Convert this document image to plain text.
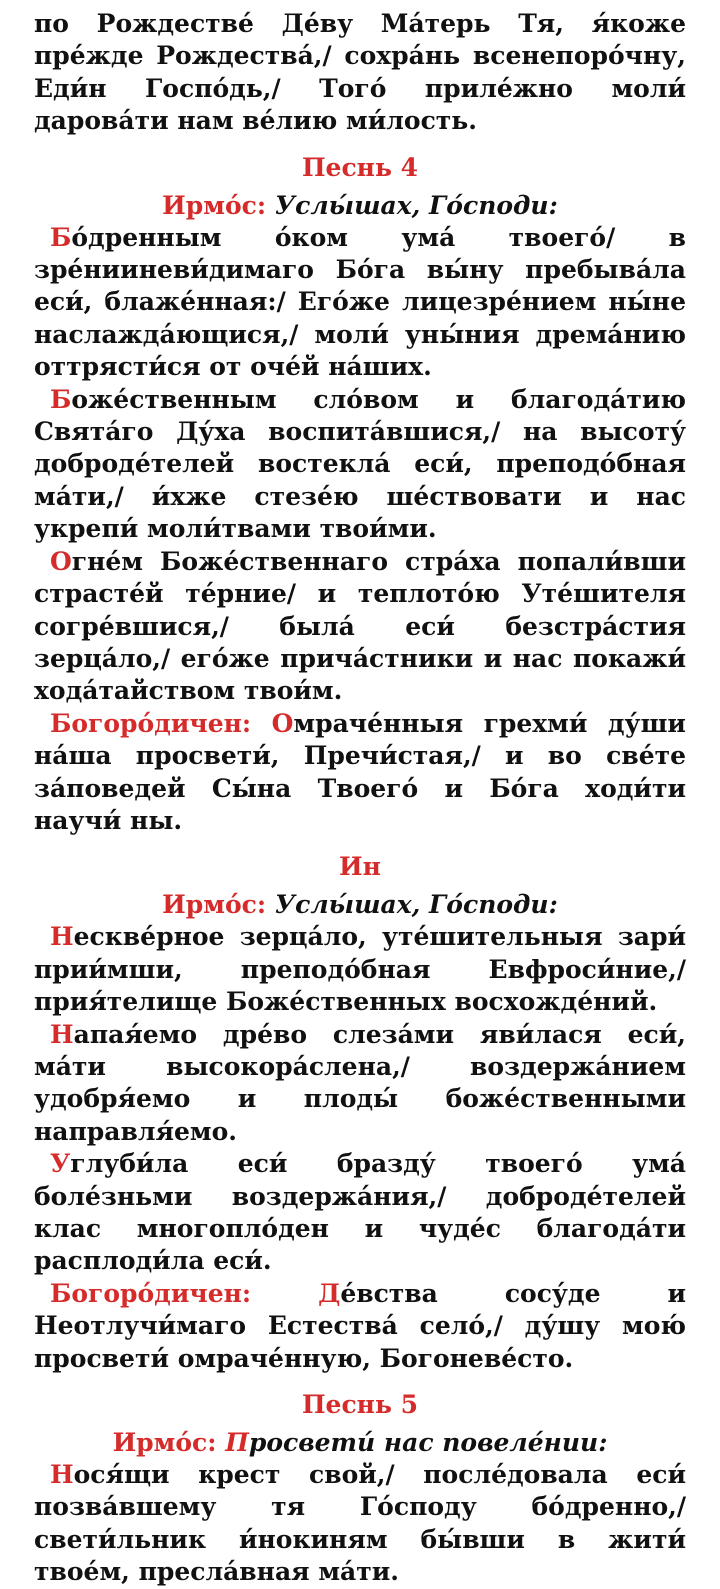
по Рождестве́ Де́ву Ма́терь Тя, я́коже пре́жде Рождества́,/ сохра́нь всенепоро́чну, Еди́н Госпо́дь,/ Того́ приле́жно моли́ дарова́ти нам ве́лию ми́лость.

Песнь 4

Ирмо́с: Услы́шах, Го́споди:

Бо́дренным о́ком ума́ твоего́/ в зре́нииневи́димаго Бо́га вы́ну пребыва́ла еси́, блаже́нная:/ Его́же лицезре́нием ны́не наслажда́ющися,/ моли́ уны́ния дрема́нию оттрясти́ся от оче́й на́ших.

Боже́ственным сло́вом и благода́тию Свята́го Ду́ха воспита́вшися,/ на высоту́ доброде́телей востекла́ еси́, преподо́бная ма́ти,/ и́хже стезе́ю ше́ствовати и нас укрепи́ моли́твами твои́ми.

Огне́м Боже́ственнаго стра́ха попали́вши страсте́й те́рние/ и теплото́ю Уте́шителя согре́вшися,/ была́ еси́ безстра́стия зерца́ло,/ его́же прича́стники и нас покажи́ хода́тайством твои́м.

Богоро́дичен: Омраче́нныя грехми́ ду́ши на́ша просвети́, Пречи́стая,/ и во све́те за́поведей Сы́на Твоего́ и Бо́га ходи́ти научи́ ны.

Ин

Ирмо́с: Услы́шах, Го́споди:

Нескве́рное зерца́ло, уте́шительныя зари́ прии́мши, преподо́бная Евфроси́ние,/ прия́телище Боже́ственных восхожде́ний.

Напая́емо дре́во слеза́ми яви́лася еси́, ма́ти высокора́слена,/ воздержа́нием удобря́емо и плоды́ боже́ственными направля́емо.

Углуби́ла еси́ бразду́ твоего́ ума́ боле́зньми воздержа́ния,/ доброде́телей клас многопло́ден и чуде́с благода́ти расплоди́ла еси́.

Богоро́дичен:	Де́вства сосу́де и Неотлучи́маго Естества́ село́,/ ду́шу мою́ просвети́ омраче́нную, Богоневе́сто.

Песнь 5

Ирмо́с: Просвети́ нас повеле́нии:

Нося́щи крест свой,/ после́довала еси́ позва́вшему тя Го́споду бо́дренно,/ свети́льник и́нокиням бы́вши в жити́ твое́м, пресла́вная ма́ти.
